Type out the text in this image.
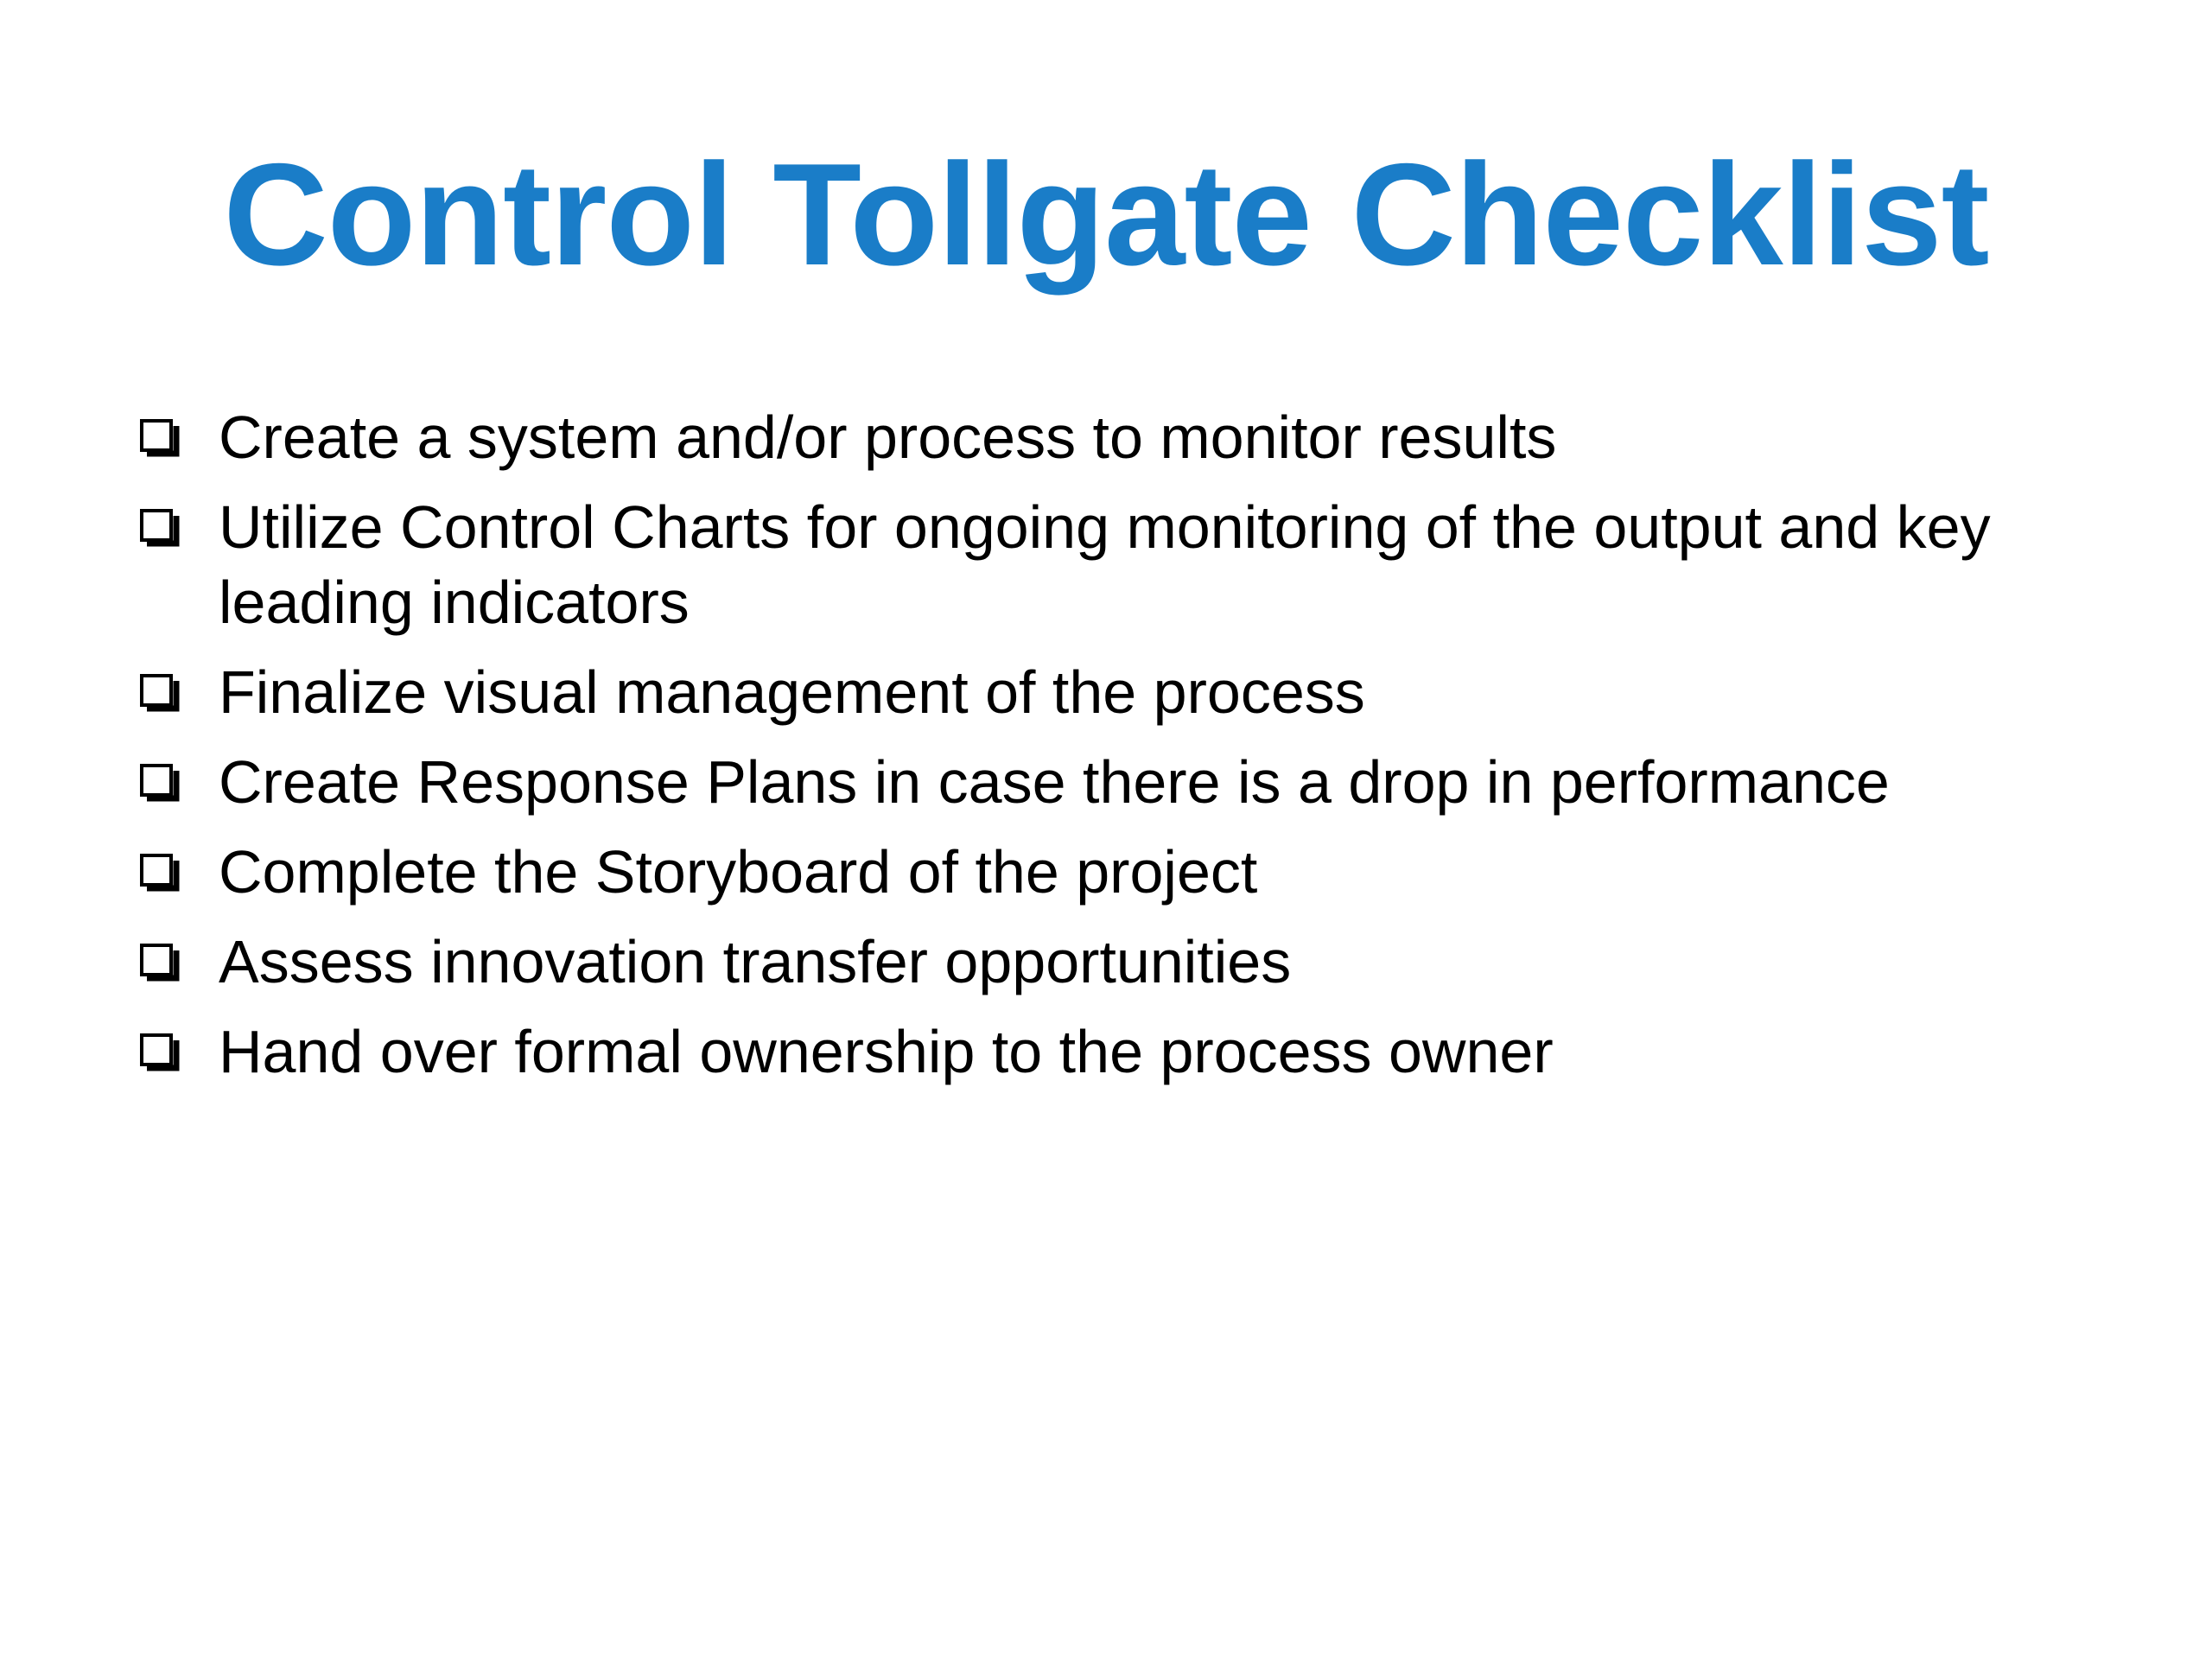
Control Tollgate Checklist
Create a system and/or process to monitor results
Utilize Control Charts for ongoing monitoring of the output and key leading indicators
Finalize visual management of the process
Create Response Plans in case there is a drop in performance
Complete the Storyboard of the project
Assess innovation transfer opportunities
Hand over formal ownership to the process owner
